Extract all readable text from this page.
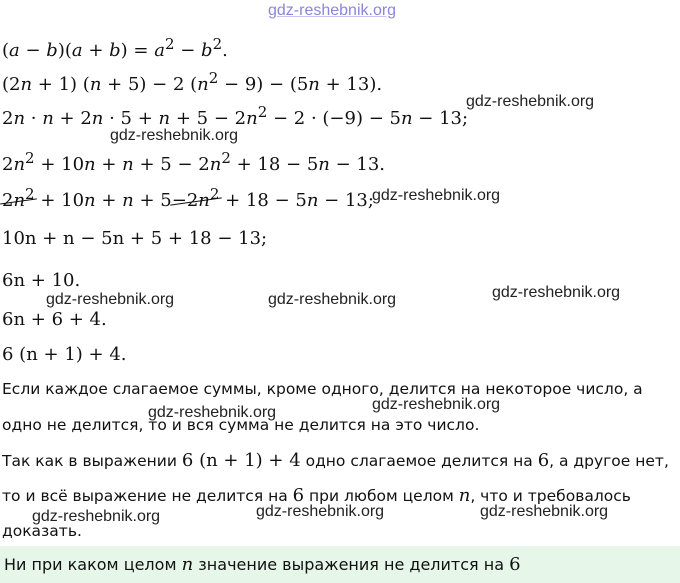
gdz-reshebnik.org
$(a - b)(a + b) = a^2 - b^2$.
(2n + 1) (n + 5) − 2 $(n^2 - 9) - (5n + 13)$.
$2n \cdot n + 2n \cdot 5 + n + 5 - 2n^2 - 2 \cdot (-9) - 5n - 13$;
$2n^2 + 10n + n + 5 - 2n^2 + 18 - 5n - 13$.
$2n^2 + 10n + n + 5-2n^2 + 18 - 5n - 13$;
10n + n − 5n + 5 + 18 − 13;
6n + 10.
6n + 6 + 4.
6 (n + 1) + 4.
Если каждое слагаемое суммы, кроме одного, делится на некоторое число, а
одно не делится, то и вся сумма не делится на это число.
Так как в выражении 6 (n + 1) + 4 одно слагаемое делится на 6, а другое нет,
то и всё выражение не делится на 6 при любом целом n, что и требовалось
доказать.
Ни при каком целом n значение выражения не делится на 6
gdz-reshebnik.org
gdz-reshebnik.org
gdz-reshebnik.org
gdz-reshebnik.org	gdz-reshebnik.org	gdz-reshebnik.org
gdz-reshebnik.org	gdz-reshebnik.org
gdz-reshebnik.org	gdz-reshebnik.org	gdz-reshebnik.org
